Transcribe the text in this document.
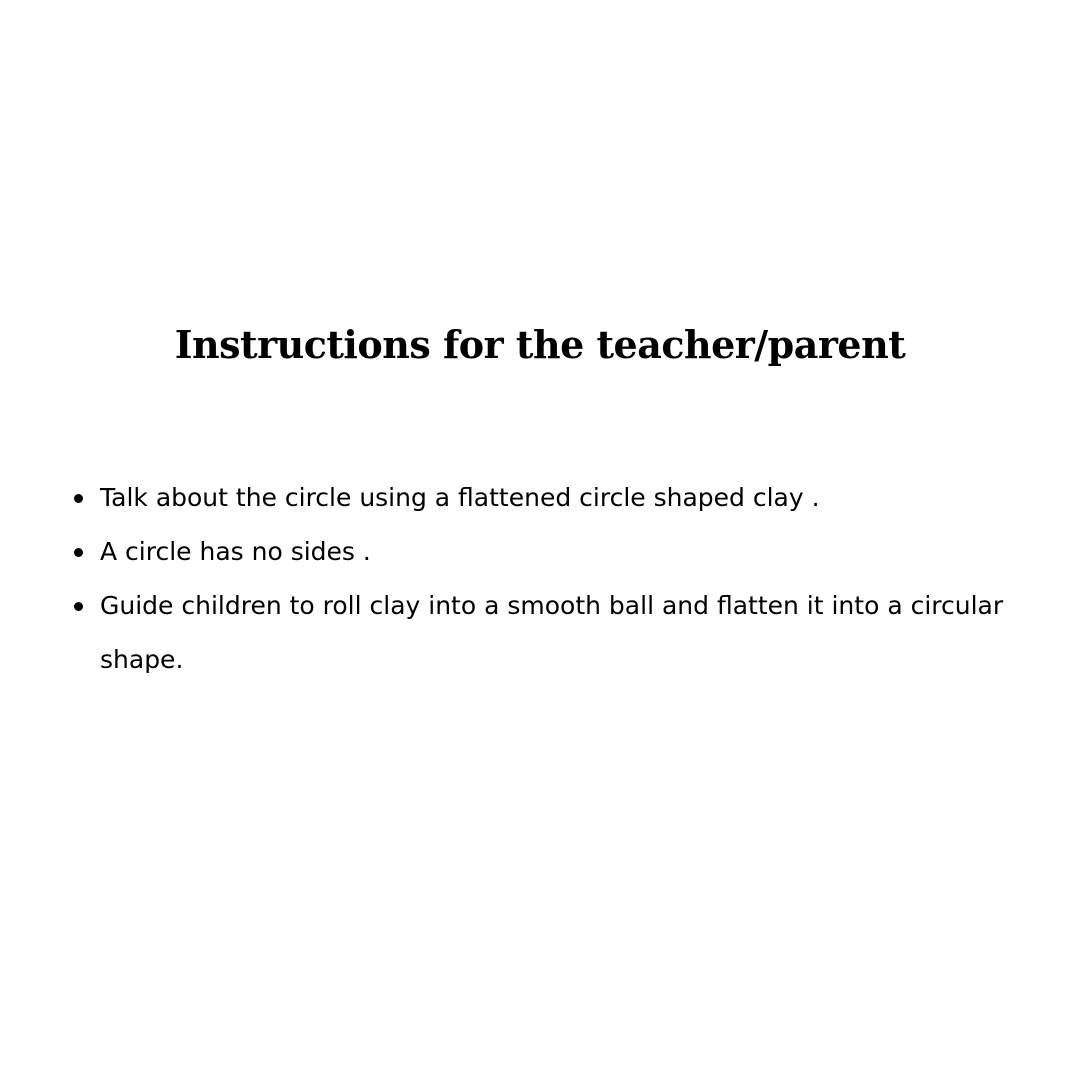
Instructions for the teacher/parent
Talk about the circle using a flattened circle shaped clay .
A circle has no sides .
Guide children to roll clay into a smooth ball and flatten it into a circular shape.
